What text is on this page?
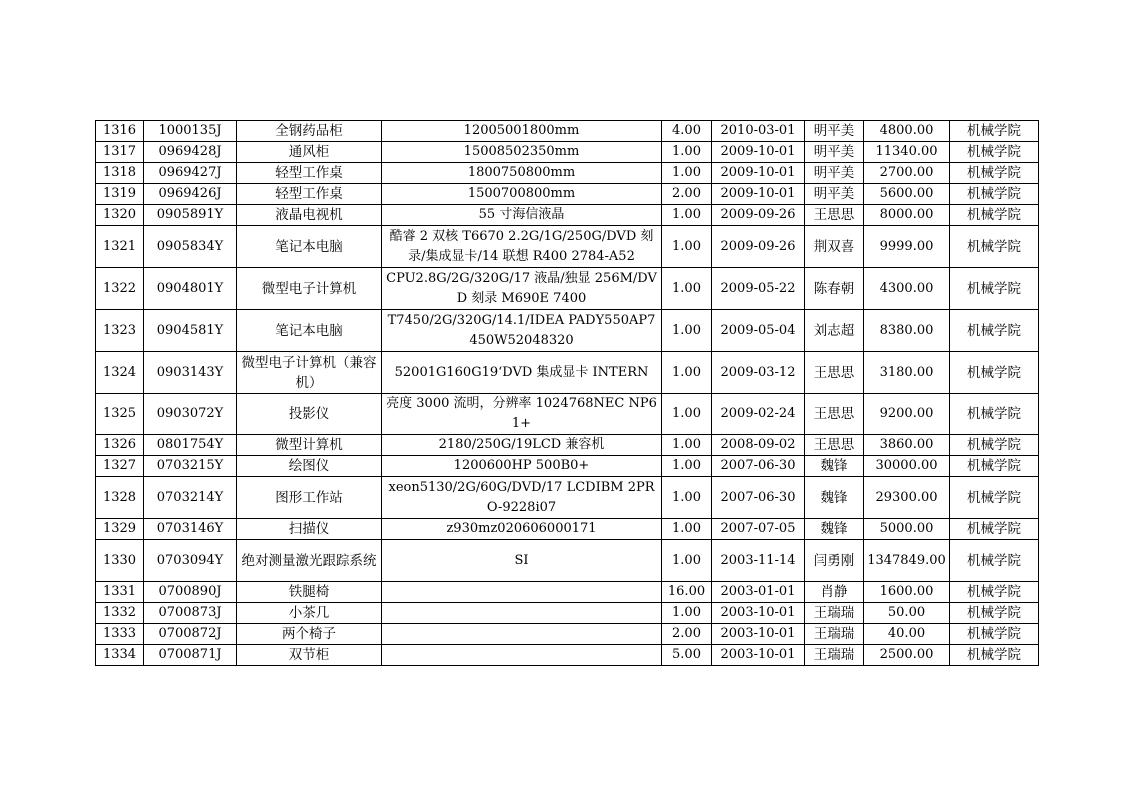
1316	1000135J	全钢药品柜	12005001800mm	4.00	2010-03-01	明平美	4800.00	机械学院
1317	0969428J	通风柜	15008502350mm	1.00	2009-10-01	明平美	11340.00	机械学院
1318	0969427J	轻型工作桌	1800750800mm	1.00	2009-10-01	明平美	2700.00	机械学院
1319	0969426J	轻型工作桌	1500700800mm	2.00	2009-10-01	明平美	5600.00	机械学院
1320	0905891Y	液晶电视机	55 寸海信液晶	1.00	2009-09-26	王思思	8000.00	机械学院
1321	0905834Y	笔记本电脑	酷睿 2 双核 T6670 2.2G/1G/250G/DVD 刻录/集成显卡/14 联想 R400 2784-A52	1.00	2009-09-26	荆双喜	9999.00	机械学院
1322	0904801Y	微型电子计算机	CPU2.8G/2G/320G/17 液晶/独显 256M/DVD 刻录 M690E 7400	1.00	2009-05-22	陈春朝	4300.00	机械学院
1323	0904581Y	笔记本电脑	T7450/2G/320G/14.1/IDEA PADY550AP7450W52048320	1.00	2009-05-04	刘志超	8380.00	机械学院
1324	0903143Y	微型电子计算机（兼容机）	52001G160G19‘DVD 集成显卡 INTERN	1.00	2009-03-12	王思思	3180.00	机械学院
1325	0903072Y	投影仪	亮度 3000 流明，分辨率 1024768NEC NP61+	1.00	2009-02-24	王思思	9200.00	机械学院
1326	0801754Y	微型计算机	2180/250G/19LCD 兼容机	1.00	2008-09-02	王思思	3860.00	机械学院
1327	0703215Y	绘图仪	1200600HP 500B0+	1.00	2007-06-30	魏锋	30000.00	机械学院
1328	0703214Y	图形工作站	xeon5130/2G/60G/DVD/17 LCDIBM 2PRO-9228i07	1.00	2007-06-30	魏锋	29300.00	机械学院
1329	0703146Y	扫描仪	z930mz020606000171	1.00	2007-07-05	魏锋	5000.00	机械学院
1330	0703094Y	绝对测量激光跟踪系统	SI	1.00	2003-11-14	闫勇刚	1347849.00	机械学院
1331	0700890J	铁腿椅		16.00	2003-01-01	肖静	1600.00	机械学院
1332	0700873J	小茶几		1.00	2003-10-01	王瑞瑞	50.00	机械学院
1333	0700872J	两个椅子		2.00	2003-10-01	王瑞瑞	40.00	机械学院
1334	0700871J	双节柜		5.00	2003-10-01	王瑞瑞	2500.00	机械学院
